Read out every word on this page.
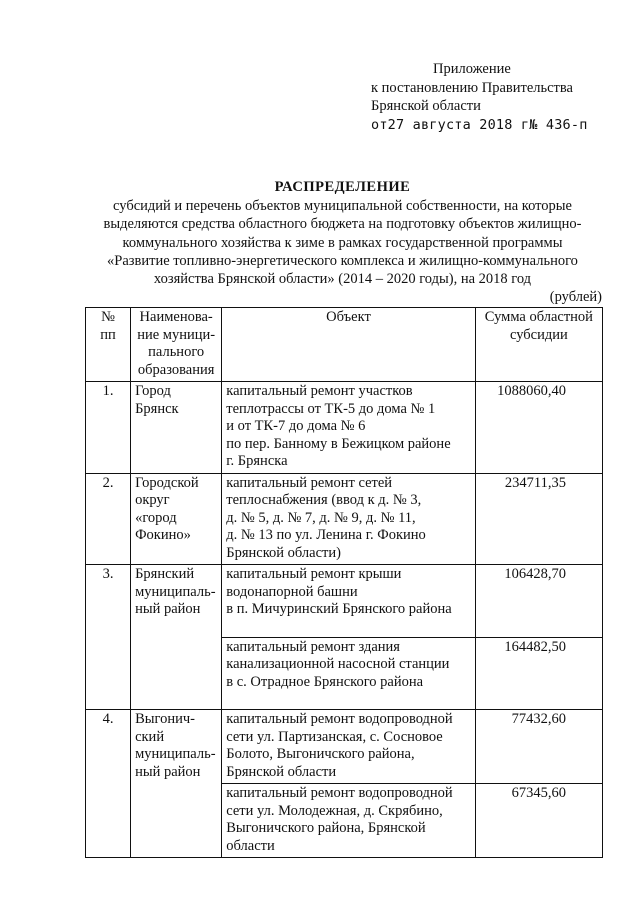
Приложение
к постановлению Правительства
Брянской области
от27 августа 2018 г№ 436-п
РАСПРЕДЕЛЕНИЕ
субсидий и перечень объектов муниципальной собственности, на которые
выделяются средства областного бюджета на подготовку объектов жилищно-
коммунального хозяйства к зиме в рамках государственной программы
«Развитие топливно-энергетического комплекса и жилищно-коммунального
хозяйства Брянской области» (2014 – 2020 годы), на 2018 год
(рублей)
№
пп	Наименова-
ние муници-
пального
образования	Объект	Сумма областной
субсидии

1.	Город
Брянск	капитальный ремонт участков
теплотрассы от ТК-5 до дома № 1
и от ТК-7 до дома № 6
по пер. Банному в Бежицком районе
г. Брянска	1088060,40
2.	Городской
округ
«город
Фокино»	капитальный ремонт сетей
теплоснабжения (ввод к д. № 3,
д. № 5, д. № 7, д. № 9, д. № 11,
д. № 13 по ул. Ленина г. Фокино
Брянской области)	234711,35
3.	Брянский
муниципаль-
ный район	капитальный ремонт крыши
водонапорной башни
в п. Мичуринский Брянского района	106428,70

		капитальный ремонт здания
канализационной насосной станции
в с. Отрадное Брянского района	164482,50
4.	Выгонич-
ский
муниципаль-
ный район	капитальный ремонт водопроводной
сети ул. Партизанская, с. Сосновое
Болото, Выгоничского района,
Брянской области	77432,60

		капитальный ремонт водопроводной
сети ул. Молодежная, д. Скрябино,
Выгоничского района, Брянской
области	67345,60
